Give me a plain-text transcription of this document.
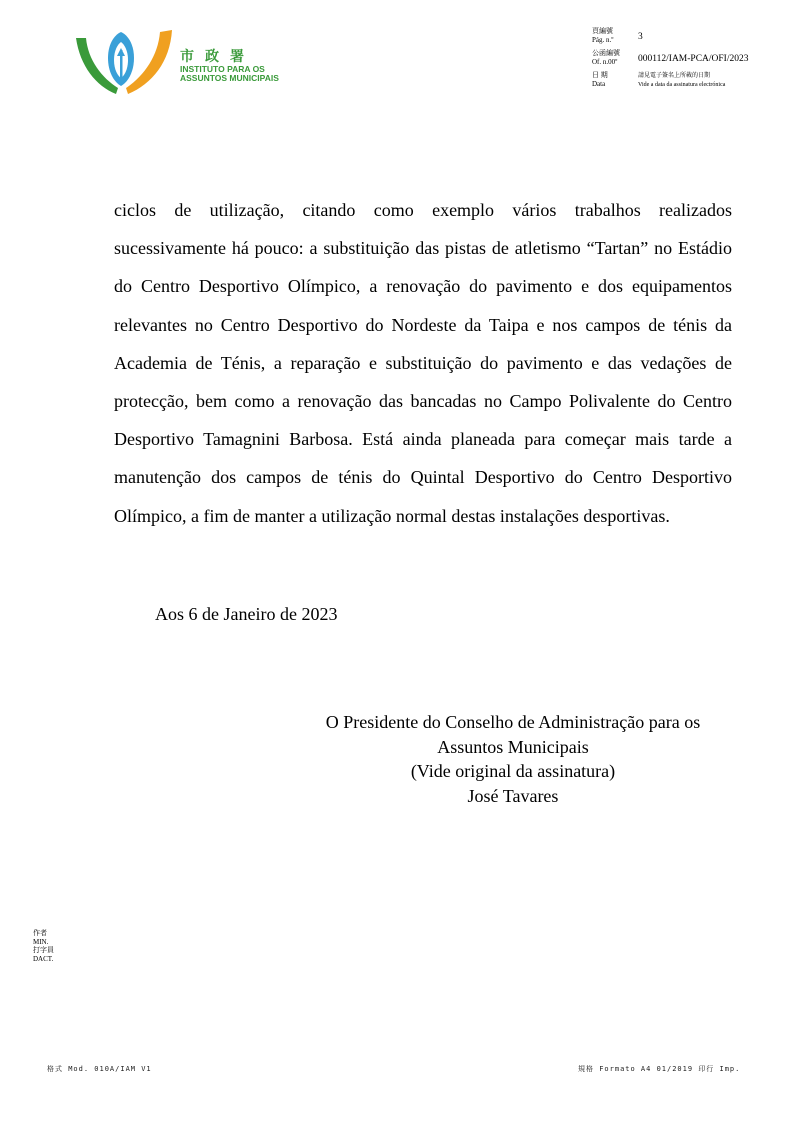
市政署
INSTITUTO PARA OS
ASSUNTOS MUNICIPAIS
頁編號
Pág. n.º	3
公函編號
Of. n.00º 000112/IAM-PCA/OFI/2023
日 期
Data
請見電子簽名上所載的日期
Vide a data da assinatura electrónica

ciclos de utilização, citando como exemplo vários trabalhos realizados sucessivamente há pouco: a substituição das pistas de atletismo “Tartan” no Estádio do Centro Desportivo Olímpico, a renovação do pavimento e dos equipamentos relevantes no Centro Desportivo do Nordeste da Taipa e nos campos de ténis da Academia de Ténis, a reparação e substituição do pavimento e das vedações de protecção, bem como a renovação das bancadas no Campo Polivalente do Centro Desportivo Tamagnini Barbosa. Está ainda planeada para começar mais tarde a manutenção dos campos de ténis do Quintal Desportivo do Centro Desportivo Olímpico, a fim de manter a utilização normal destas instalações desportivas.

Aos 6 de Janeiro de 2023
O Presidente do Conselho de Administração para os
Assuntos Municipais
(Vide original da assinatura)
José Tavares
作者
MIN.
打字員
DACT.
格式 Mod. 010A/IAM V1	規格 Formato A4 01/2019 印行 Imp.
